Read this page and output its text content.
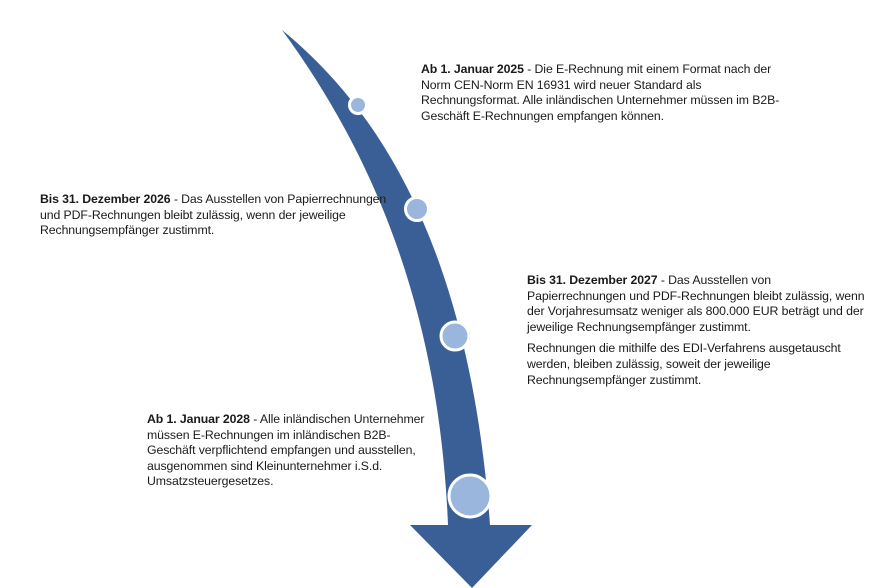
Ab 1. Januar 2025 - Die E-Rechnung mit einem Format nach der Norm CEN-Norm EN 16931 wird neuer Standard als Rechnungsformat. Alle inländischen Unternehmer müssen im B2B-Geschäft E-Rechnungen empfangen können.

Bis 31. Dezember 2026 - Das Ausstellen von Papierrechnungen und PDF-Rechnungen bleibt zulässig, wenn der jeweilige Rechnungsempfänger zustimmt.

Bis 31. Dezember 2027 - Das Ausstellen von Papierrechnungen und PDF-Rechnungen bleibt zulässig, wenn der Vorjahresumsatz weniger als 800.000 EUR beträgt und der jeweilige Rechnungsempfänger zustimmt.

Rechnungen die mithilfe des EDI-Verfahrens ausgetauscht werden, bleiben zulässig, soweit der jeweilige Rechnungsempfänger zustimmt.

Ab 1. Januar 2028 - Alle inländischen Unternehmer müssen E-Rechnungen im inländischen B2B-Geschäft verpflichtend empfangen und ausstellen, ausgenommen sind Kleinunternehmer i.S.d. Umsatzsteuergesetzes.
